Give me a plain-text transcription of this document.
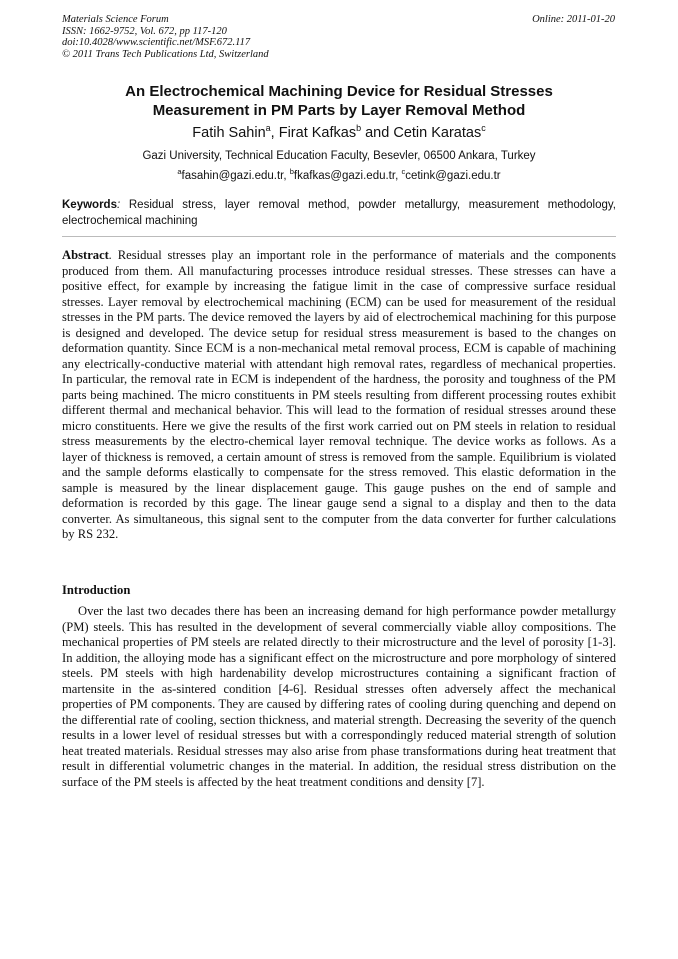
Materials Science Forum
ISSN: 1662-9752, Vol. 672, pp 117-120
doi:10.4028/www.scientific.net/MSF.672.117
© 2011 Trans Tech Publications Ltd, Switzerland
Online: 2011-01-20
An Electrochemical Machining Device for Residual Stresses
Measurement in PM Parts by Layer Removal Method
Fatih Sahin$^a$, Firat Kafkas$^b$ and Cetin Karatas$^c$
Gazi University, Technical Education Faculty, Besevler, 06500 Ankara, Turkey
$^a$fasahin@gazi.edu.tr, $^b$fkafkas@gazi.edu.tr, $^c$cetink@gazi.edu.tr
Keywords: Residual stress, layer removal method, powder metallurgy, measurement methodology, electrochemical machining
Abstract. Residual stresses play an important role in the performance of materials and the components produced from them. All manufacturing processes introduce residual stresses. These stresses can have a positive effect, for example by increasing the fatigue limit in the case of compressive surface residual stresses. Layer removal by electrochemical machining (ECM) can be used for measurement of the residual stresses in the PM parts. The device removed the layers by aid of electrochemical machining for this purpose is designed and developed. The device setup for residual stress measurement is based to the changes on deformation quantity. Since ECM is a non-mechanical metal removal process, ECM is capable of machining any electrically-conductive material with attendant high removal rates, regardless of mechanical properties. In particular, the removal rate in ECM is independent of the hardness, the porosity and toughness of the PM parts being machined. The micro constituents in PM steels resulting from different processing routes exhibit different thermal and mechanical behavior. This will lead to the formation of residual stresses around these micro constituents. Here we give the results of the first work carried out on PM steels in relation to residual stress measurements by the electro-chemical layer removal technique. The device works as follows. As a layer of thickness is removed, a certain amount of stress is removed from the sample. Equilibrium is violated and the sample deforms elastically to compensate for the stress removed. This elastic deformation in the sample is measured by the linear displacement gauge. This gauge pushes on the end of sample and deformation is recorded by this gage. The linear gauge send a signal to a display and then to the data converter. As simultaneous, this signal sent to the computer from the data converter for further calculations by RS 232.
Introduction
Over the last two decades there has been an increasing demand for high performance powder metallurgy (PM) steels. This has resulted in the development of several commercially viable alloy compositions. The mechanical properties of PM steels are related directly to their microstructure and the level of porosity [1-3]. In addition, the alloying mode has a significant effect on the microstructure and pore morphology of sintered steels. PM steels with high hardenability develop microstructures containing a significant fraction of martensite in the as-sintered condition [4-6]. Residual stresses often adversely affect the mechanical properties of PM components. They are caused by differing rates of cooling during quenching and depend on the differential rate of cooling, section thickness, and material strength. Decreasing the severity of the quench results in a lower level of residual stresses but with a correspondingly reduced material strength of solution heat treated materials. Residual stresses may also arise from phase transformations during heat treatment that result in differential volumetric changes in the material. In addition, the residual stress distribution on the surface of the PM steels is affected by the heat treatment conditions and density [7].
